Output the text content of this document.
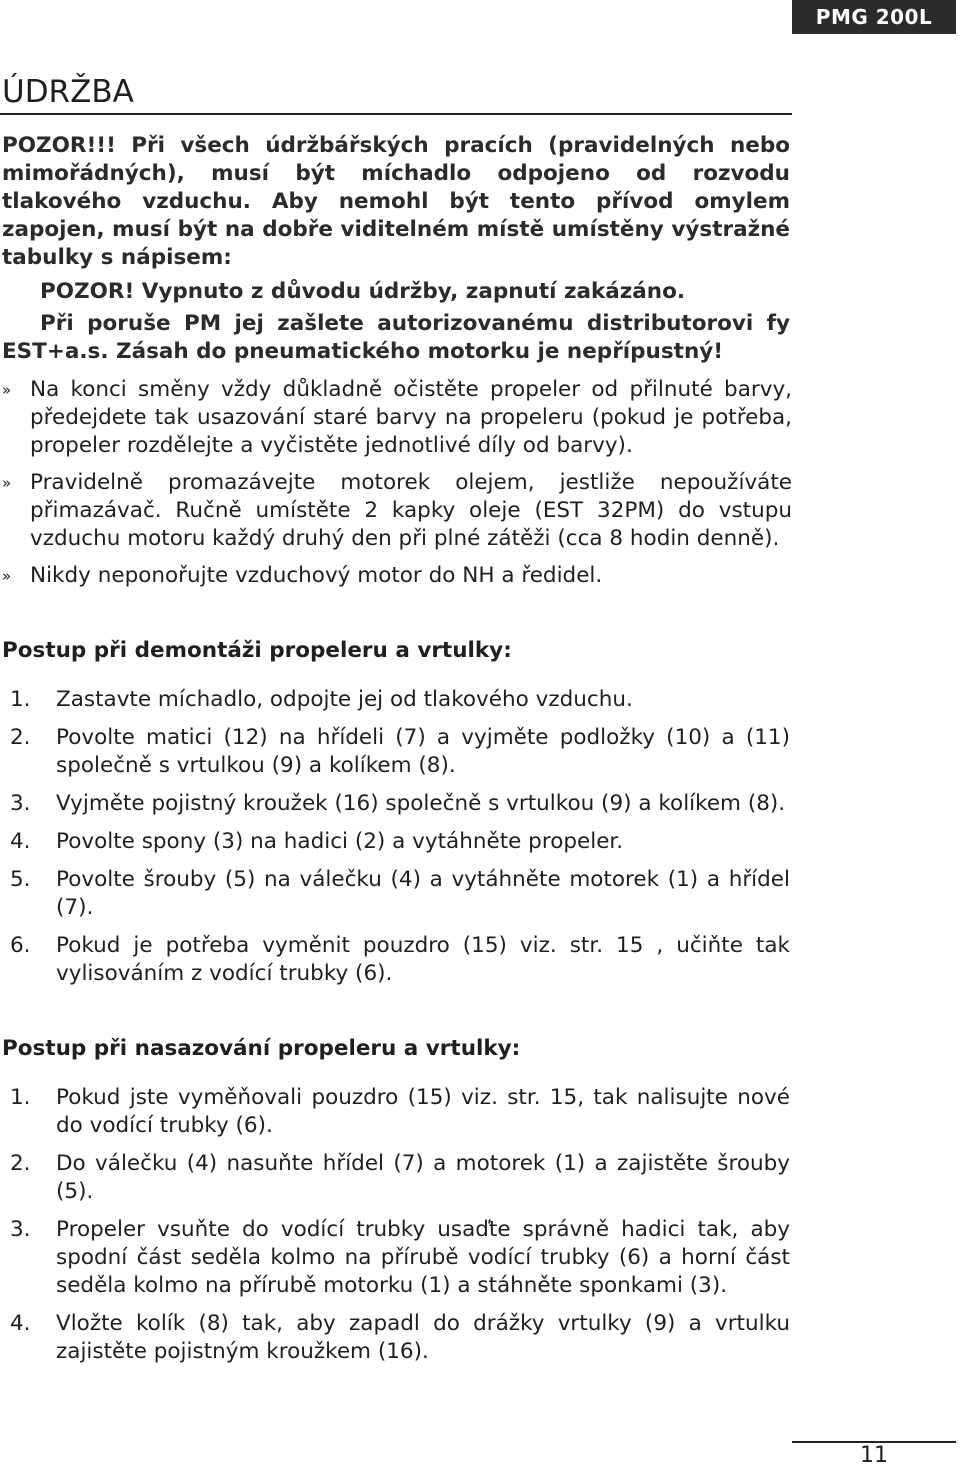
PMG 200L
ÚDRŽBA
POZOR!!! Při všech údržbářských pracích (pravidelných nebo mimořádných), musí být míchadlo odpojeno od rozvodu tlakového vzduchu. Aby nemohl být tento přívod omylem zapojen, musí být na dobře viditelném místě umístěny výstražné tabulky s nápisem:
POZOR! Vypnuto z důvodu údržby, zapnutí zakázáno.
Při poruše PM jej zašlete autorizovanému distributorovi fy EST+a.s. Zásah do pneumatického motorku je nepřípustný!
» Na konci směny vždy důkladně očistěte propeler od přilnuté barvy, předejdete tak usazování staré barvy na propeleru (pokud je potřeba, propeler rozdělejte a vyčistěte jednotlivé díly od barvy).
» Pravidelně promazávejte motorek olejem, jestliže nepoužíváte přimazávač. Ručně umístěte 2 kapky oleje (EST 32PM) do vstupu vzduchu motoru každý druhý den při plné zátěži (cca 8 hodin denně).
» Nikdy neponořujte vzduchový motor do NH a ředidel.
Postup při demontáži propeleru a vrtulky:
1.	Zastavte míchadlo, odpojte jej od tlakového vzduchu.
2.	Povolte matici (12) na hřídeli (7) a vyjměte podložky (10) a (11) společně s vrtulkou (9) a kolíkem (8).
3.	Vyjměte pojistný kroužek (16) společně s vrtulkou (9) a kolíkem (8).
4.	Povolte spony (3) na hadici (2) a vytáhněte propeler.
5.	Povolte šrouby (5) na válečku (4) a vytáhněte motorek (1) a hřídel (7).
6.	Pokud je potřeba vyměnit pouzdro (15) viz. str. 15 , učiňte tak vylisováním z vodící trubky (6).
Postup při nasazování propeleru a vrtulky:
1.	Pokud jste vyměňovali pouzdro (15) viz. str. 15, tak nalisujte nové do vodící trubky (6).
2.	Do válečku (4) nasuňte hřídel (7) a motorek (1) a zajistěte šrouby (5).
3.	Propeler vsuňte do vodící trubky usaďte správně hadici tak, aby spodní část seděla kolmo na přírubě vodící trubky (6) a horní část seděla kolmo na přírubě motorku (1) a stáhněte sponkami (3).
4.	Vložte kolík (8) tak, aby zapadl do drážky vrtulky (9) a vrtulku zajistěte pojistným kroužkem (16).
11
